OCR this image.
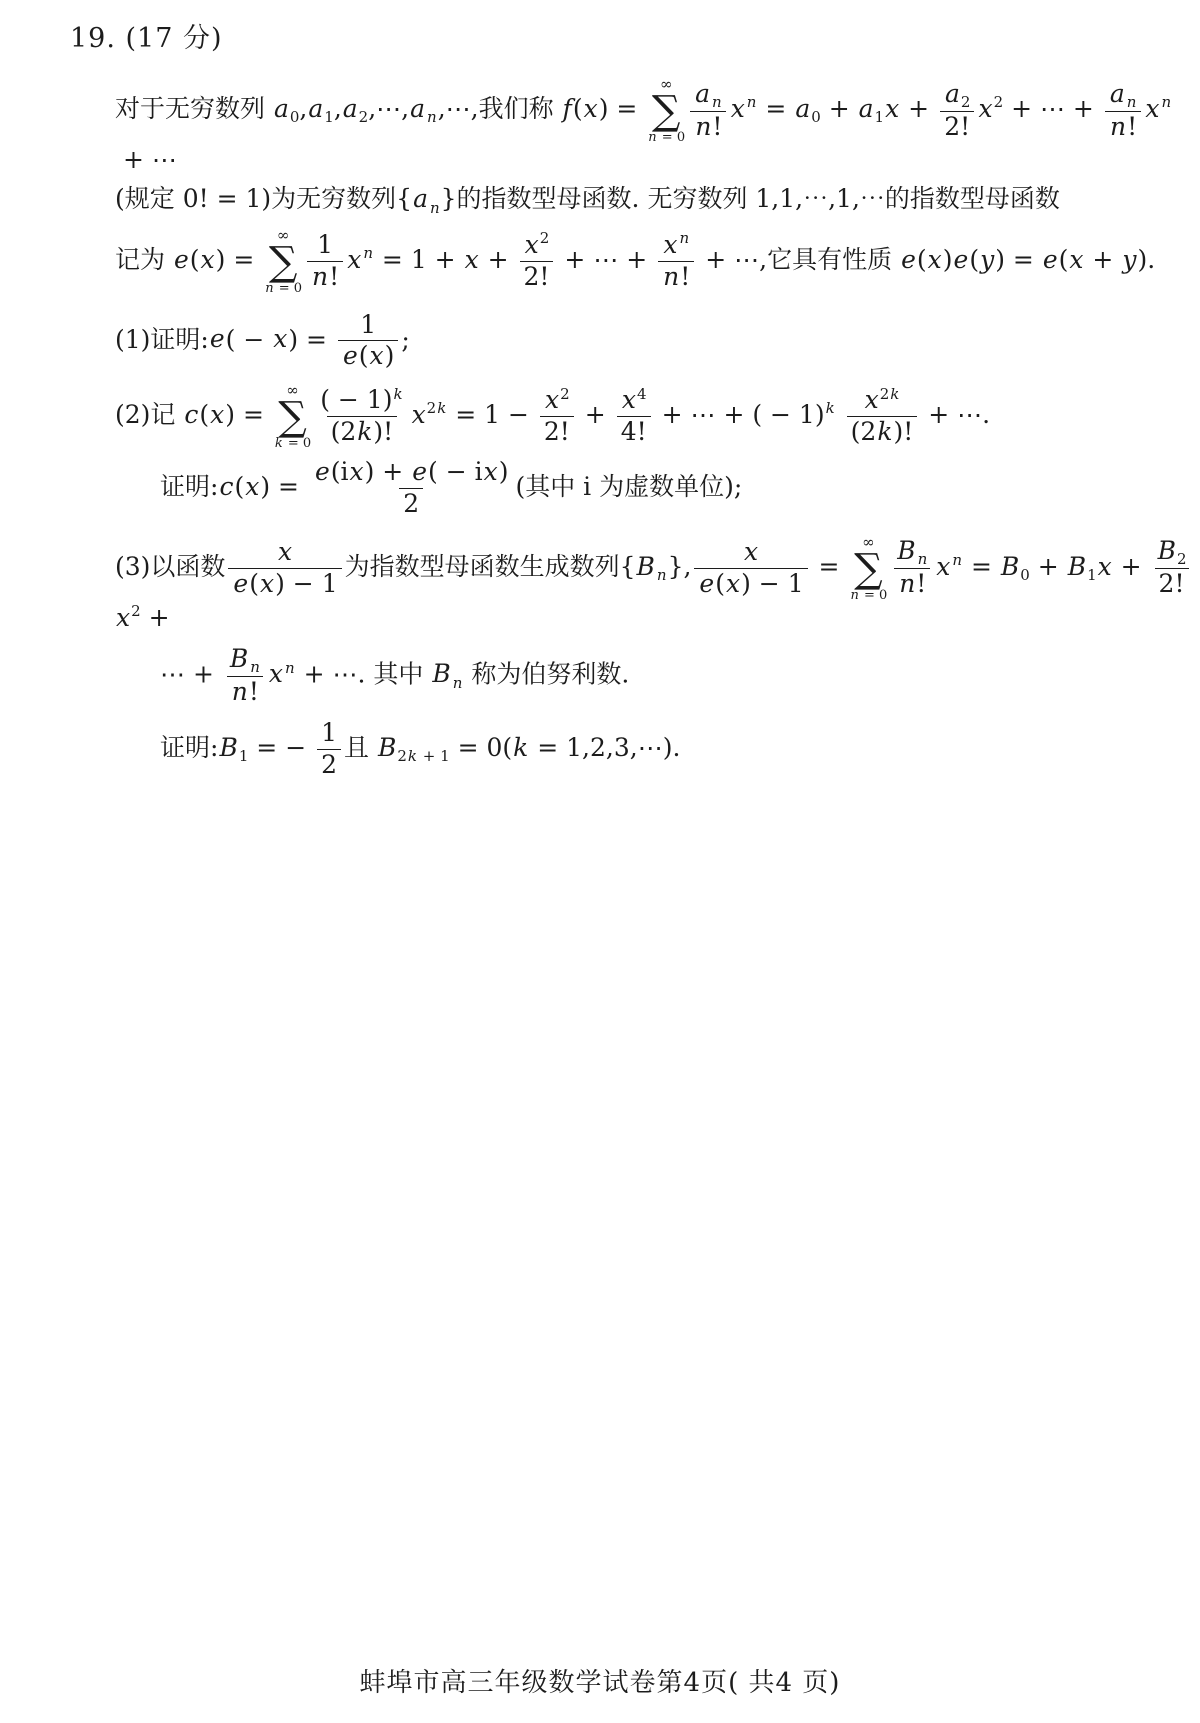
19. (17 分)
对于无穷数列 a0,a1,a2,⋯,a n,⋯,我们称 f(x) =
∞
∑
$n = 0 \frac{\text{a n}}{n!}$ x $n = a0 + a1x + \frac{a2}{2!} x2$ + ⋯ + $\frac{\text{a n}}{n!}$ x n + ⋯
(规定 0! = 1)为无穷数列{a n}的指数型母函数. 无穷数列 1,1,⋯,1,⋯的指数型母函数
记为 e(x) =
∞
∑
$n = 0 \frac{1}{n!}$ x $n = 1 + x + \frac{x2}{2!}$ + ⋯ + $\frac{\text{x n}}{n!}$ + ⋯,它具有性质 e(x)e(y) = e(x + y).
(1)证明:e( − $x) = \frac{1}{e(x)}$ ;
(2)记 c(x) =
∞
∑
$k = 0 \frac{( - 1)k}{(2k)!} x2k = 1 - \frac{x2}{2!} + \frac{x4}{4!}$ + ⋯ + ( − $1)k \frac{x2k}{(2k)!}$ + ⋯.
证明:c(x) = $\frac{e(ix) + e( - ix)}{2}$ (其中 i 为虚数单位);
(3)以函数 $\frac{x}{e(x) - 1}$ 为指数型母函数生成数列{B n}, $\frac{x}{e(x) - 1}$ =
∞
∑
$n = 0 \frac{\text{B n}}{n!}$ x $n = B0 + B1x + \frac{B2}{2!}$
x2 +
⋯ + $\frac{\text{B n}}{n!}$ x n + ⋯. 其中 B n 称为伯努利数.
证明:B1 = − $\frac{1}{2}$ 且 B2k + 1 = 0(k = 1,2,3,⋯).
蚌埠市高三年级数学试卷第4页( 共4 页)
